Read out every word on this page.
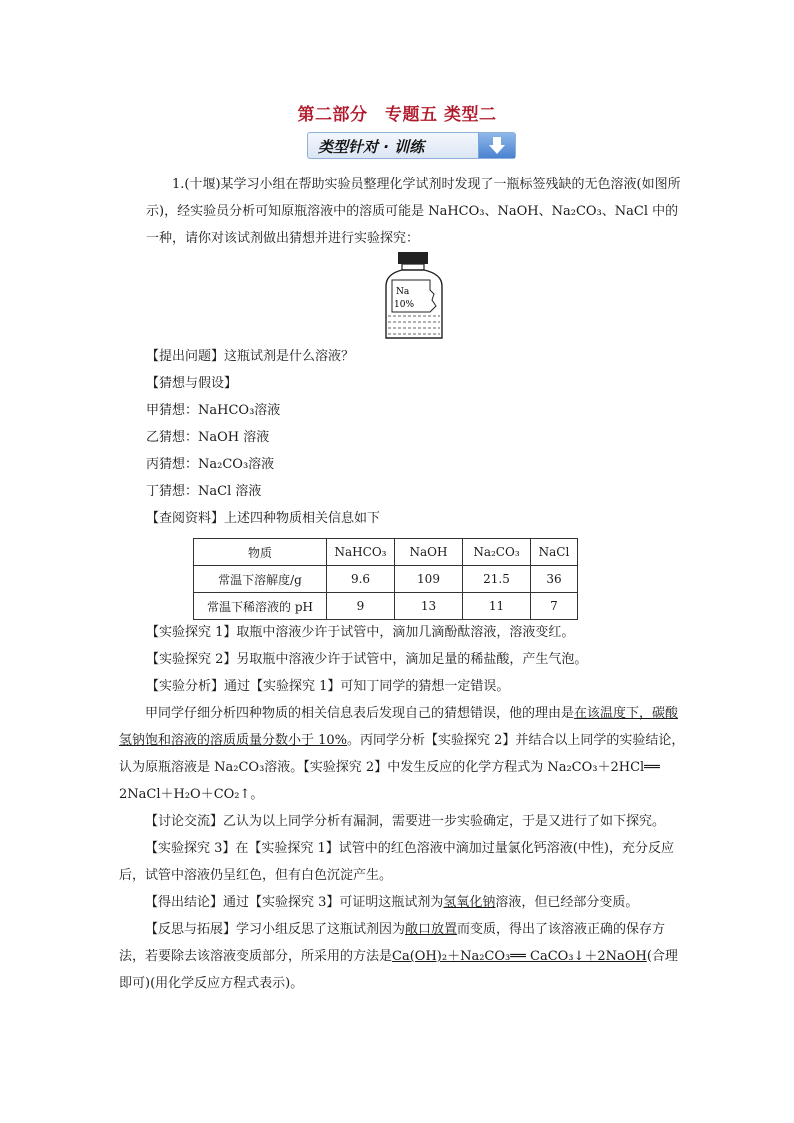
第二部分　专题五 类型二
类型针对 · 训练

1.(十堰)某学习小组在帮助实验员整理化学试剂时发现了一瓶标签残缺的无色溶液(如图所示)，经实验员分析可知原瓶溶液中的溶质可能是 NaHCO₃、NaOH、Na₂CO₃、NaCl 中的一种，请你对该试剂做出猜想并进行实验探究：

Na
10%

【提出问题】这瓶试剂是什么溶液？

【猜想与假设】

甲猜想：NaHCO₃溶液

乙猜想：NaOH 溶液

丙猜想：Na₂CO₃溶液

丁猜想：NaCl 溶液

【查阅资料】上述四种物质相关信息如下

物质	NaHCO₃	NaOH	Na₂CO₃	NaCl
常温下溶解度/g	9.6	109	21.5	36
常温下稀溶液的 pH	9	13	11	7

【实验探究 1】取瓶中溶液少许于试管中，滴加几滴酚酞溶液，溶液变红。

【实验探究 2】另取瓶中溶液少许于试管中，滴加足量的稀盐酸，产生气泡。

【实验分析】通过【实验探究 1】可知丁同学的猜想一定错误。

甲同学仔细分析四种物质的相关信息表后发现自己的猜想错误，他的理由是在该温度下，碳酸氢钠饱和溶液的溶质质量分数小于 10%。丙同学分析【实验探究 2】并结合以上同学的实验结论，认为原瓶溶液是 Na₂CO₃溶液。【实验探究 2】中发生反应的化学方程式为 Na₂CO₃＋2HCl══ 2NaCl＋H₂O＋CO₂↑。

【讨论交流】乙认为以上同学分析有漏洞，需要进一步实验确定，于是又进行了如下探究。

【实验探究 3】在【实验探究 1】试管中的红色溶液中滴加过量氯化钙溶液(中性)，充分反应后，试管中溶液仍呈红色，但有白色沉淀产生。

【得出结论】通过【实验探究 3】可证明这瓶试剂为氢氧化钠溶液，但已经部分变质。

【反思与拓展】学习小组反思了这瓶试剂因为敞口放置而变质，得出了该溶液正确的保存方法，若要除去该溶液变质部分，所采用的方法是Ca(OH)₂＋Na₂CO₃══ CaCO₃↓＋2NaOH(合理即可)(用化学反应方程式表示)。
